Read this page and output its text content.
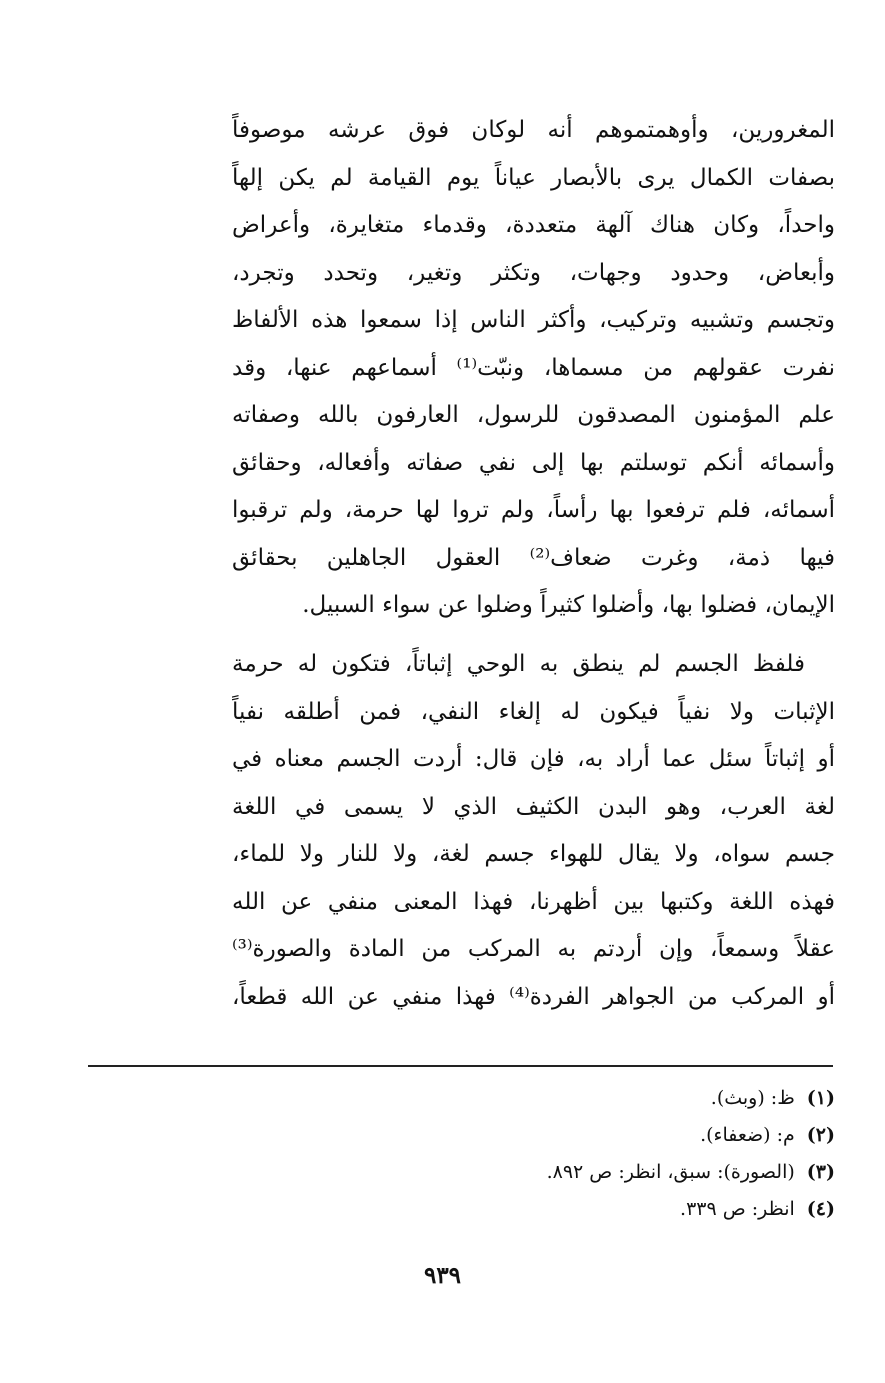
المغرورين، وأوهمتموهم أنه لوكان فوق عرشه موصوفاً
بصفات الكمال يرى بالأبصار عياناً يوم القيامة لم يكن إلهاً
واحداً، وكان هناك آلهة متعددة، وقدماء متغايرة، وأعراض
وأبعاض، وحدود وجهات، وتكثر وتغير، وتحدد وتجرد،
وتجسم وتشبيه وتركيب، وأكثر الناس إذا سمعوا هذه الألفاظ
نفرت عقولهم من مسماها، ونبّت⁽¹⁾ أسماعهم عنها، وقد
علم المؤمنون المصدقون للرسول، العارفون بالله وصفاته
وأسمائه أنكم توسلتم بها إلى نفي صفاته وأفعاله، وحقائق
أسمائه، فلم ترفعوا بها رأساً، ولم تروا لها حرمة، ولم ترقبوا
فيها ذمة، وغرت ضعاف⁽²⁾ العقول الجاهلين بحقائق
الإيمان، فضلوا بها، وأضلوا كثيراً وضلوا عن سواء السبيل.
فلفظ الجسم لم ينطق به الوحي إثباتاً، فتكون له حرمة
الإثبات ولا نفياً فيكون له إلغاء النفي، فمن أطلقه نفياً
أو إثباتاً سئل عما أراد به، فإن قال: أردت الجسم معناه في
لغة العرب، وهو البدن الكثيف الذي لا يسمى في اللغة
جسم سواه، ولا يقال للهواء جسم لغة، ولا للنار ولا للماء،
فهذه اللغة وكتبها بين أظهرنا، فهذا المعنى منفي عن الله
عقلاً وسمعاً، وإن أردتم به المركب من المادة والصورة⁽³⁾
أو المركب من الجواهر الفردة⁽⁴⁾ فهذا منفي عن الله قطعاً،
(١)ظ: (وبث).
(٢)م: (ضعفاء).
(٣)(الصورة): سبق، انظر: ص ٨٩٢.
(٤)انظر: ص ٣٣٩.
٩٣٩
